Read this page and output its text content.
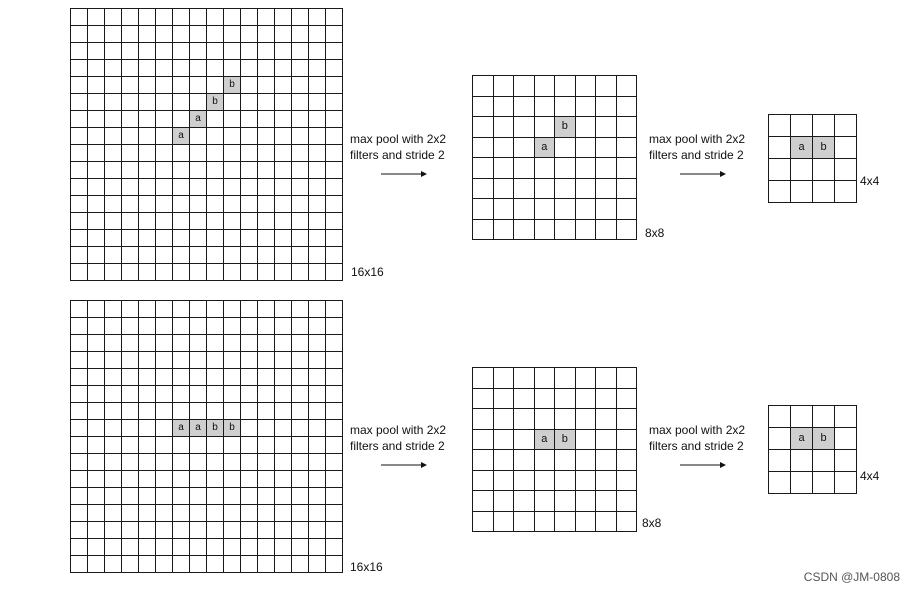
b
b
a
a
16x16
max pool with 2x2
filters and stride 2
b
a
8x8
max pool with 2x2
filters and stride 2
a	b
4x4
a	a	b	b
16x16
max pool with 2x2
filters and stride 2
a	b
8x8
max pool with 2x2
filters and stride 2
a	b
4x4
CSDN @JM-0808
